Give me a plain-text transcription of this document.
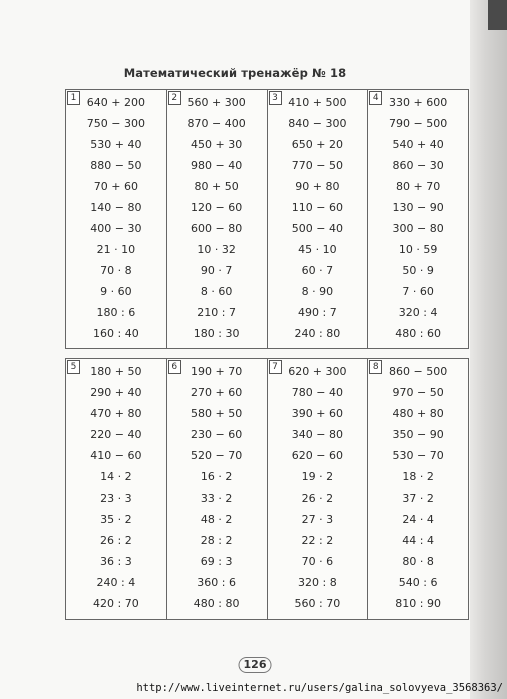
Математический тренажёр № 18
1 640 + 200
750 − 300
530 + 40
880 − 50
70 + 60
140 − 80
400 − 30
21 · 10
70 · 8
9 · 60
180 : 6
160 : 40
2 560 + 300
870 − 400
450 + 30
980 − 40
80 + 50
120 − 60
600 − 80
10 · 32
90 · 7
8 · 60
210 : 7
180 : 30
3 410 + 500
840 − 300
650 + 20
770 − 50
90 + 80
110 − 60
500 − 40
45 · 10
60 · 7
8 · 90
490 : 7
240 : 80
4 330 + 600
790 − 500
540 + 40
860 − 30
80 + 70
130 − 90
300 − 80
10 · 59
50 · 9
7 · 60
320 : 4
480 : 60
5	180 + 50
290 + 40
470 + 80
220 − 40
410 − 60
14 · 2
23 · 3
35 · 2
26 : 2
36 : 3
240 : 4
420 : 70
6	190 + 70
270 + 60
580 + 50
230 − 60
520 − 70
16 · 2
33 · 2
48 · 2
28 : 2
69 : 3
360 : 6
480 : 80
7 620 + 300
780 − 40
390 + 60
340 − 80
620 − 60
19 · 2
26 · 2
27 · 3
22 : 2
70 · 6
320 : 8
560 : 70
8 860 − 500
970 − 50
480 + 80
350 − 90
530 − 70
18 · 2
37 · 2
24 · 4
44 : 4
80 · 8
540 : 6
810 : 90
126
http://www.liveinternet.ru/users/galina_solovyeva_3568363/
